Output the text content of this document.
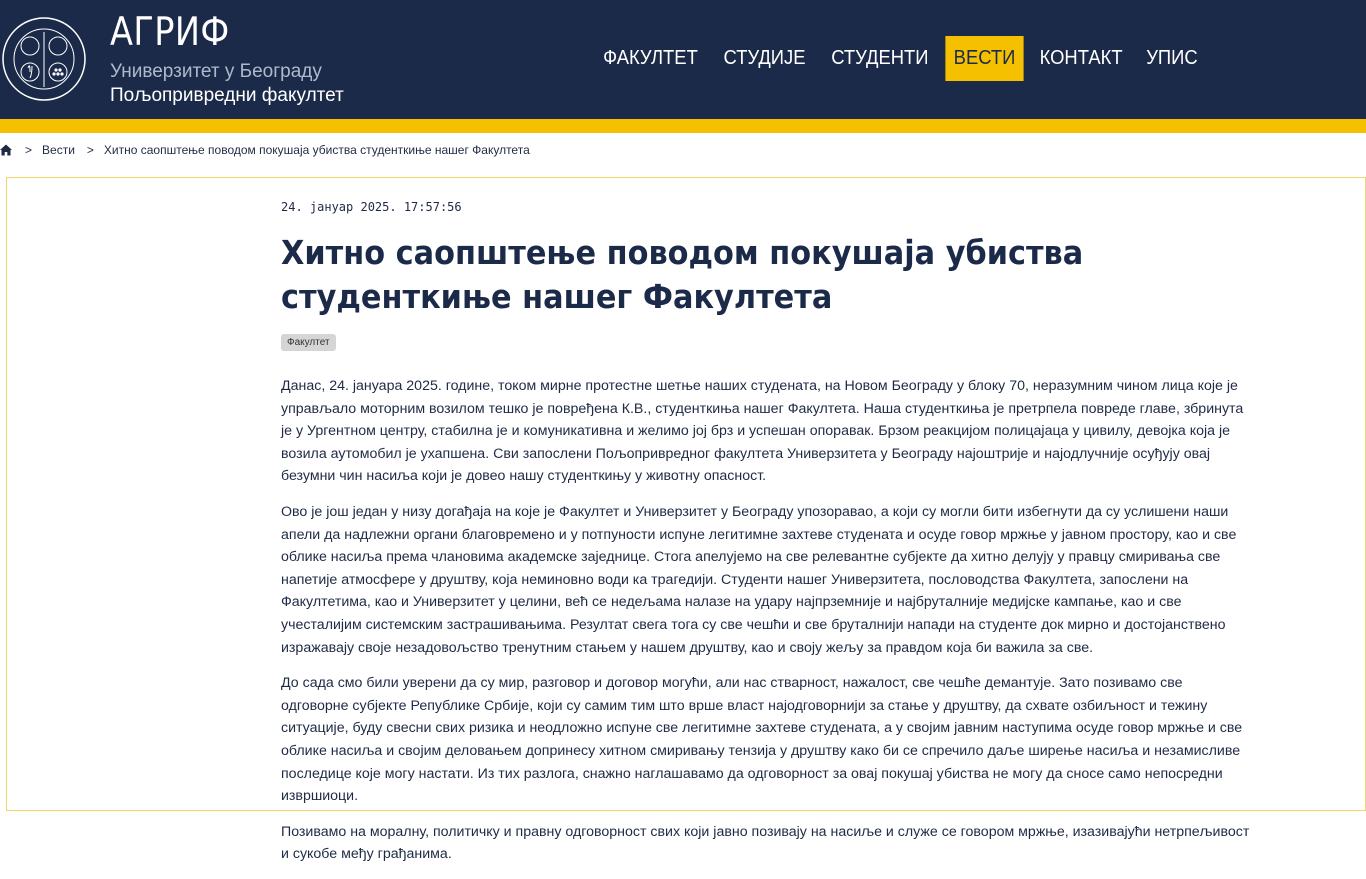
АГРИФ
Универзитет у Београду
Пољопривредни факултет
ФАКУЛТЕТ	СТУДИЈЕ	СТУДЕНТИ	ВЕСТИ	КОНТАКТ	УПИС
> Вести > Хитно саопштење поводом покушаја убиства студенткиње нашег Факултета
24. јануар 2025. 17:57:56
Хитно саопштење поводом покушаја убиства студенткиње нашег Факултета
Факултет

Данас, 24. јануара 2025. године, током мирне протестне шетње наших студената, на Новом Београду у блоку 70, неразумним чином лица које је управљало моторним возилом тешко је повређена К.В., студенткиња нашег Факултета. Наша студенткиња је претрпела повреде главе, збринута је у Ургентном центру, стабилна је и комуникативна и желимо јој брз и успешан опоравак. Брзом реакцијом полицајаца у цивилу, девојка која је возила аутомобил је ухапшена. Сви запослени Пољопривредног факултета Универзитета у Београду најоштрије и најодлучније осуђују овај безумни чин насиља који је довео нашу студенткињу у животну опасност.

Ово је још један у низу догађаја на које је Факултет и Универзитет у Београду упозоравао, а који су могли бити избегнути да су услишени наши апели да надлежни органи благовремено и у потпуности испуне легитимне захтеве студената и осуде говор мржње у јавном простору, као и све облике насиља према члановима академске заједнице. Стога апелујемо на све релевантне субјекте да хитно делују у правцу смиривања све напетије атмосфере у друштву, која неминовно води ка трагедији. Студенти нашег Универзитета, пословодства Факултета, запослени на Факултетима, као и Универзитет у целини, већ се недељама налазе на удару најпрземније и најбруталније медијске кампање, као и све учесталијим системским застрашивањима. Резултат свега тога су све чешћи и све бруталнији напади на студенте док мирно и достојанствено изражавају своје незадовољство тренутним стањем у нашем друштву, као и своју жељу за правдом која би важила за све.

До сада смо били уверени да су мир, разговор и договор могући, али нас стварност, нажалост, све чешће демантује. Зато позивамо све одговорне субјекте Републике Србије, који су самим тим што врше власт најодговорнији за стање у друштву, да схвате озбиљност и тежину ситуације, буду свесни свих ризика и неодложно испуне све легитимне захтеве студената, а у својим јавним наступима осуде говор мржње и све облике насиља и својим деловањем допринесу хитном смиривању тензија у друштву како би се спречило даље ширење насиља и незамисливе последице које могу настати. Из тих разлога, снажно наглашавамо да одговорност за овај покушај убиства не могу да сносе само непосредни извршиоци.

Позивамо на моралну, политичку и правну одговорност свих који јавно позивају на насиље и служе се говором мржње, изазивајући нетрпељивост и сукобе међу грађанима.
